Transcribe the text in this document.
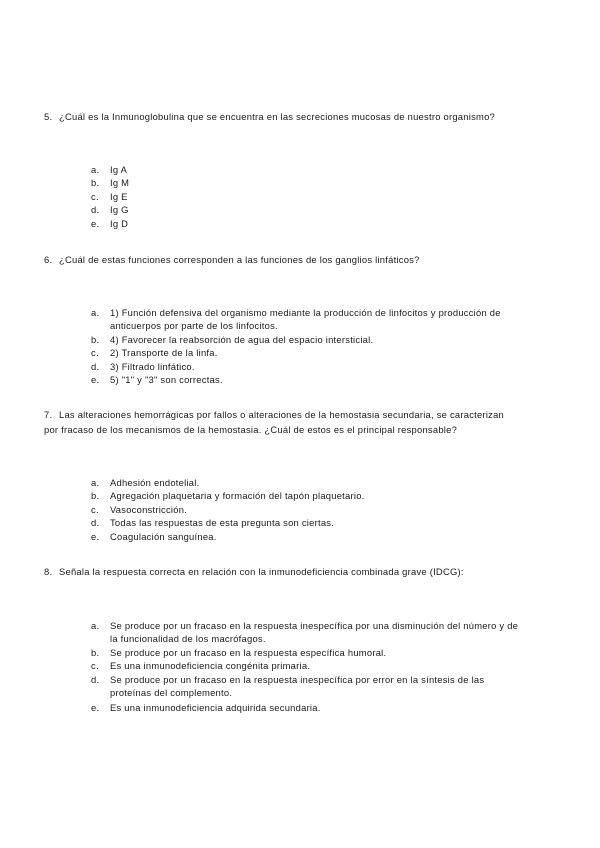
5. ¿Cuál es la Inmunoglobulina que se encuentra en las secreciones mucosas de nuestro organismo?
a. Ig A
b. Ig M
c. Ig E
d. Ig G
e. Ig D
6. ¿Cuál de estas funciones corresponden a las funciones de los ganglios linfáticos?
a. 1) Función defensiva del organismo mediante la producción de linfocitos y producción de
anticuerpos por parte de los linfocitos.
b. 4) Favorecer la reabsorción de agua del espacio intersticial.
c. 2) Transporte de la linfa.
d. 3) Filtrado linfático.
e. 5) "1" y "3" son correctas.
7. Las alteraciones hemorrágicas por fallos o alteraciones de la hemostasia secundaria, se caracterizan
por fracaso de los mecanismos de la hemostasia. ¿Cuál de estos es el principal responsable?
a. Adhesión endotelial.
b. Agregación plaquetaria y formación del tapón plaquetario.
c. Vasoconstricción.
d. Todas las respuestas de esta pregunta son ciertas.
e. Coagulación sanguínea.
8. Señala la respuesta correcta en relación con la inmunodeficiencia combinada grave (IDCG):
a. Se produce por un fracaso en la respuesta inespecífica por una disminución del número y de
la funcionalidad de los macrófagos.
b. Se produce por un fracaso en la respuesta específica humoral.
c. Es una inmunodeficiencia congénita primaria.
d. Se produce por un fracaso en la respuesta inespecífica por error en la síntesis de las
proteínas del complemento.
e. Es una inmunodeficiencia adquirida secundaria.
